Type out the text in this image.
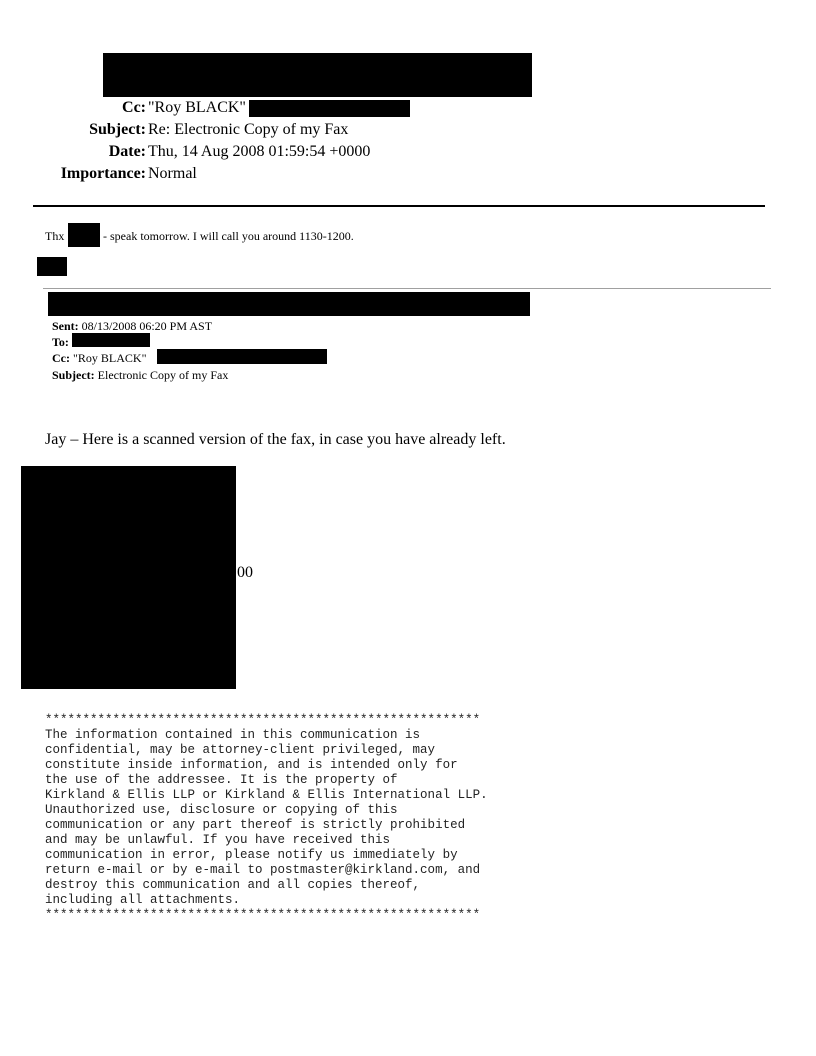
Cc: "Roy BLACK"
Subject: Re: Electronic Copy of my Fax
Date: Thu, 14 Aug 2008 01:59:54 +0000
Importance: Normal
Thx	- speak tomorrow. I will call you around 1130-1200.
Sent: 08/13/2008 06:20 PM AST
To:
Cc: "Roy BLACK"
Subject: Electronic Copy of my Fax
Jay – Here is a scanned version of the fax, in case you have already left.
00
**********************************************************
The information contained in this communication is
confidential, may be attorney-client privileged, may
constitute inside information, and is intended only for
the use of the addressee. It is the property of
Kirkland & Ellis LLP or Kirkland & Ellis International LLP.
Unauthorized use, disclosure or copying of this
communication or any part thereof is strictly prohibited
and may be unlawful. If you have received this
communication in error, please notify us immediately by
return e-mail or by e-mail to postmaster@kirkland.com, and
destroy this communication and all copies thereof,
including all attachments.
**********************************************************
